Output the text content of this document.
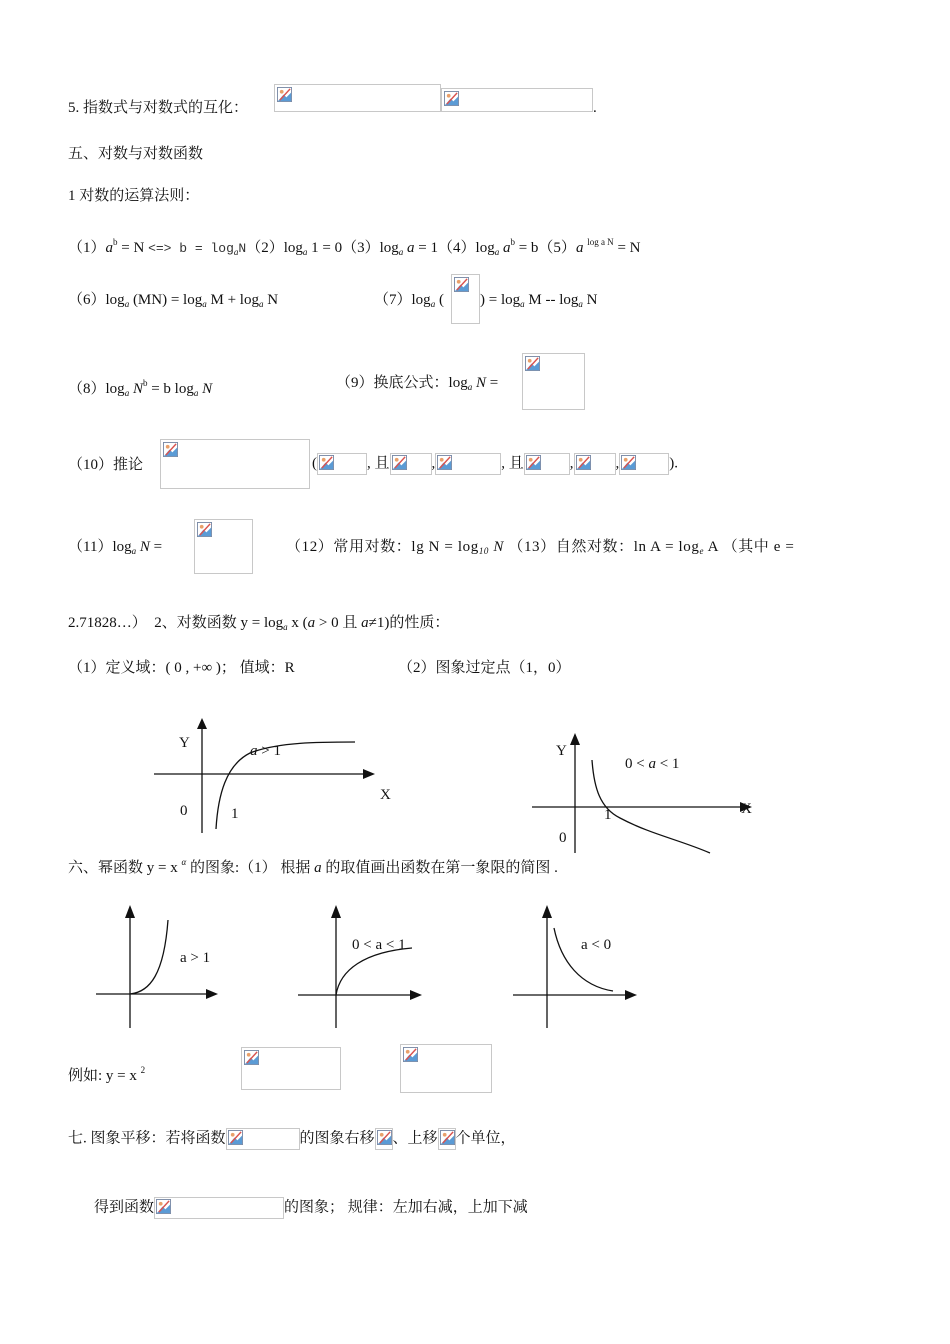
5. 指数式与对数式的互化：	.
五、对数与对数函数
1 对数的运算法则：
$(1)a^b = N$ <=> $b = \log_aN(2)\log_a$ $1 = 0(3)\log_a$ $a = 1(4)\log_a$ $a^b = b(5)a$ $^{log a N}$ = N
$(6)\log_a$ $(MN) = \log_a M + \log_a N$	$(7)\log_a$ ( ) = $\log_a M -- \log_a N$
$(8)\log_a$ $N^b = b$ $\log_a N$	（9）换底公式：$\log_a N$ =
（10）推论	(	, 且	,	, 且	,	,	).
$(11)\log_a$ N =	（12）常用对数：$\lg N = \log_{10} N$ （13）自然对数：$\ln A = \log_e A$ （其中 e =
2.71828…） 2、对数函数 $y = \log_a x$ (a > 0 且 a≠1)的性质：
（1）定义域：( 0 , +∞ )； 值域：R	（2）图象过定点（1，0）
Y
X
0	1
a > 1	Y
X
0
1
0 < a < 1
六、幂函数 y = x $^\alpha$ 的图象:（1） 根据 a 的取值画出函数在第一象限的简图 .
a > 1
0 < a < 1	a < 0
例如: y = x $^2$
七. 图象平移：若将函数	的图象右移 、上移 个单位，
得到函数	的图象； 规律：左加右减，上加下减
